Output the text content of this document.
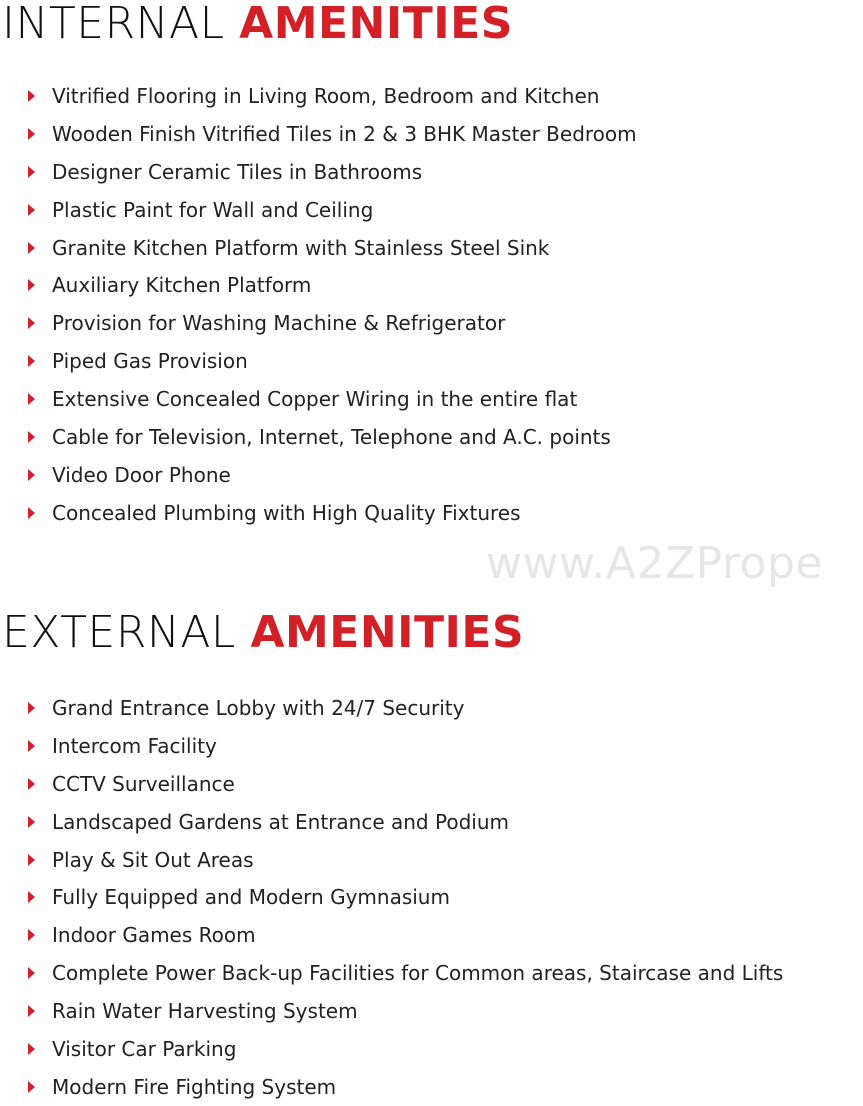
INTERNAL AMENITIES
Vitrified Flooring in Living Room, Bedroom and Kitchen
Wooden Finish Vitrified Tiles in 2 & 3 BHK Master Bedroom
Designer Ceramic Tiles in Bathrooms
Plastic Paint for Wall and Ceiling
Granite Kitchen Platform with Stainless Steel Sink
Auxiliary Kitchen Platform
Provision for Washing Machine & Refrigerator
Piped Gas Provision
Extensive Concealed Copper Wiring in the entire flat
Cable for Television, Internet, Telephone and A.C. points
Video Door Phone
Concealed Plumbing with High Quality Fixtures
www.A2ZPrope
EXTERNAL AMENITIES
Grand Entrance Lobby with 24/7 Security
Intercom Facility
CCTV Surveillance
Landscaped Gardens at Entrance and Podium
Play & Sit Out Areas
Fully Equipped and Modern Gymnasium
Indoor Games Room
Complete Power Back-up Facilities for Common areas, Staircase and Lifts
Rain Water Harvesting System
Visitor Car Parking
Modern Fire Fighting System
